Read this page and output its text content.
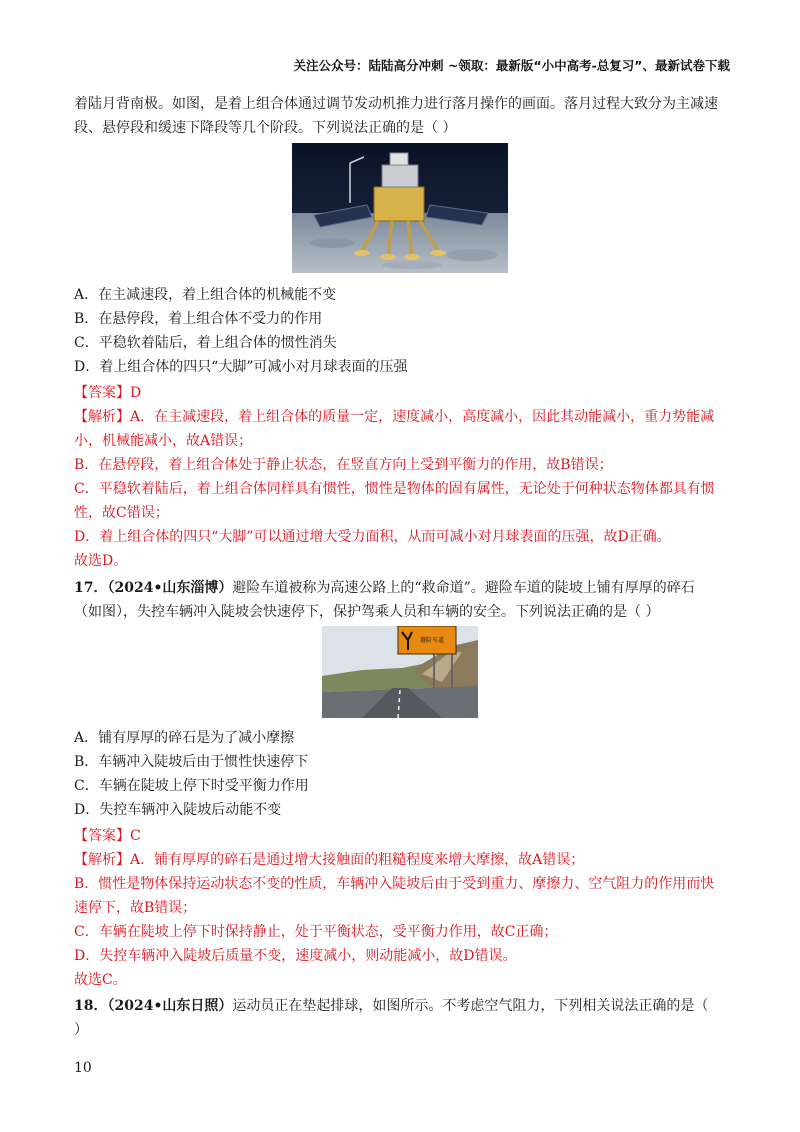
关注公众号：陆陆高分冲刺 ~领取：最新版“小中高考-总复习”、最新试卷下载
着陆月背南极。如图，是着上组合体通过调节发动机推力进行落月操作的画面。落月过程大致分为主减速
段、悬停段和缓速下降段等几个阶段。下列说法正确的是（ ）
A．在主减速段，着上组合体的机械能不变
B．在悬停段，着上组合体不受力的作用
C．平稳软着陆后，着上组合体的惯性消失
D．着上组合体的四只“大脚”可减小对月球表面的压强
【答案】D
【解析】A．在主减速段，着上组合体的质量一定，速度减小，高度减小，因此其动能减小，重力势能减
小，机械能减小，故A错误；
B．在悬停段，着上组合体处于静止状态，在竖直方向上受到平衡力的作用，故B错误；
C．平稳软着陆后，着上组合体同样具有惯性，惯性是物体的固有属性，无论处于何种状态物体都具有惯
性，故C错误；
D．着上组合体的四只“大脚”可以通过增大受力面积，从而可减小对月球表面的压强，故D正确。
故选D。
17．（2024•山东淄博）避险车道被称为高速公路上的“救命道”。避险车道的陡坡上铺有厚厚的碎石
（如图），失控车辆冲入陡坡会快速停下，保护驾乘人员和车辆的安全。下列说法正确的是（ ）
避险车道
A．铺有厚厚的碎石是为了减小摩擦
B．车辆冲入陡坡后由于惯性快速停下
C．车辆在陡坡上停下时受平衡力作用
D．失控车辆冲入陡坡后动能不变
【答案】C
【解析】A．铺有厚厚的碎石是通过增大接触面的粗糙程度来增大摩擦，故A错误；
B．惯性是物体保持运动状态不变的性质，车辆冲入陡坡后由于受到重力、摩擦力、空气阻力的作用而快
速停下，故B错误；
C．车辆在陡坡上停下时保持静止，处于平衡状态，受平衡力作用，故C正确；
D．失控车辆冲入陡坡后质量不变，速度减小，则动能减小，故D错误。
故选C。
18．（2024•山东日照）运动员正在垫起排球，如图所示。不考虑空气阻力，下列相关说法正确的是（
）
10
